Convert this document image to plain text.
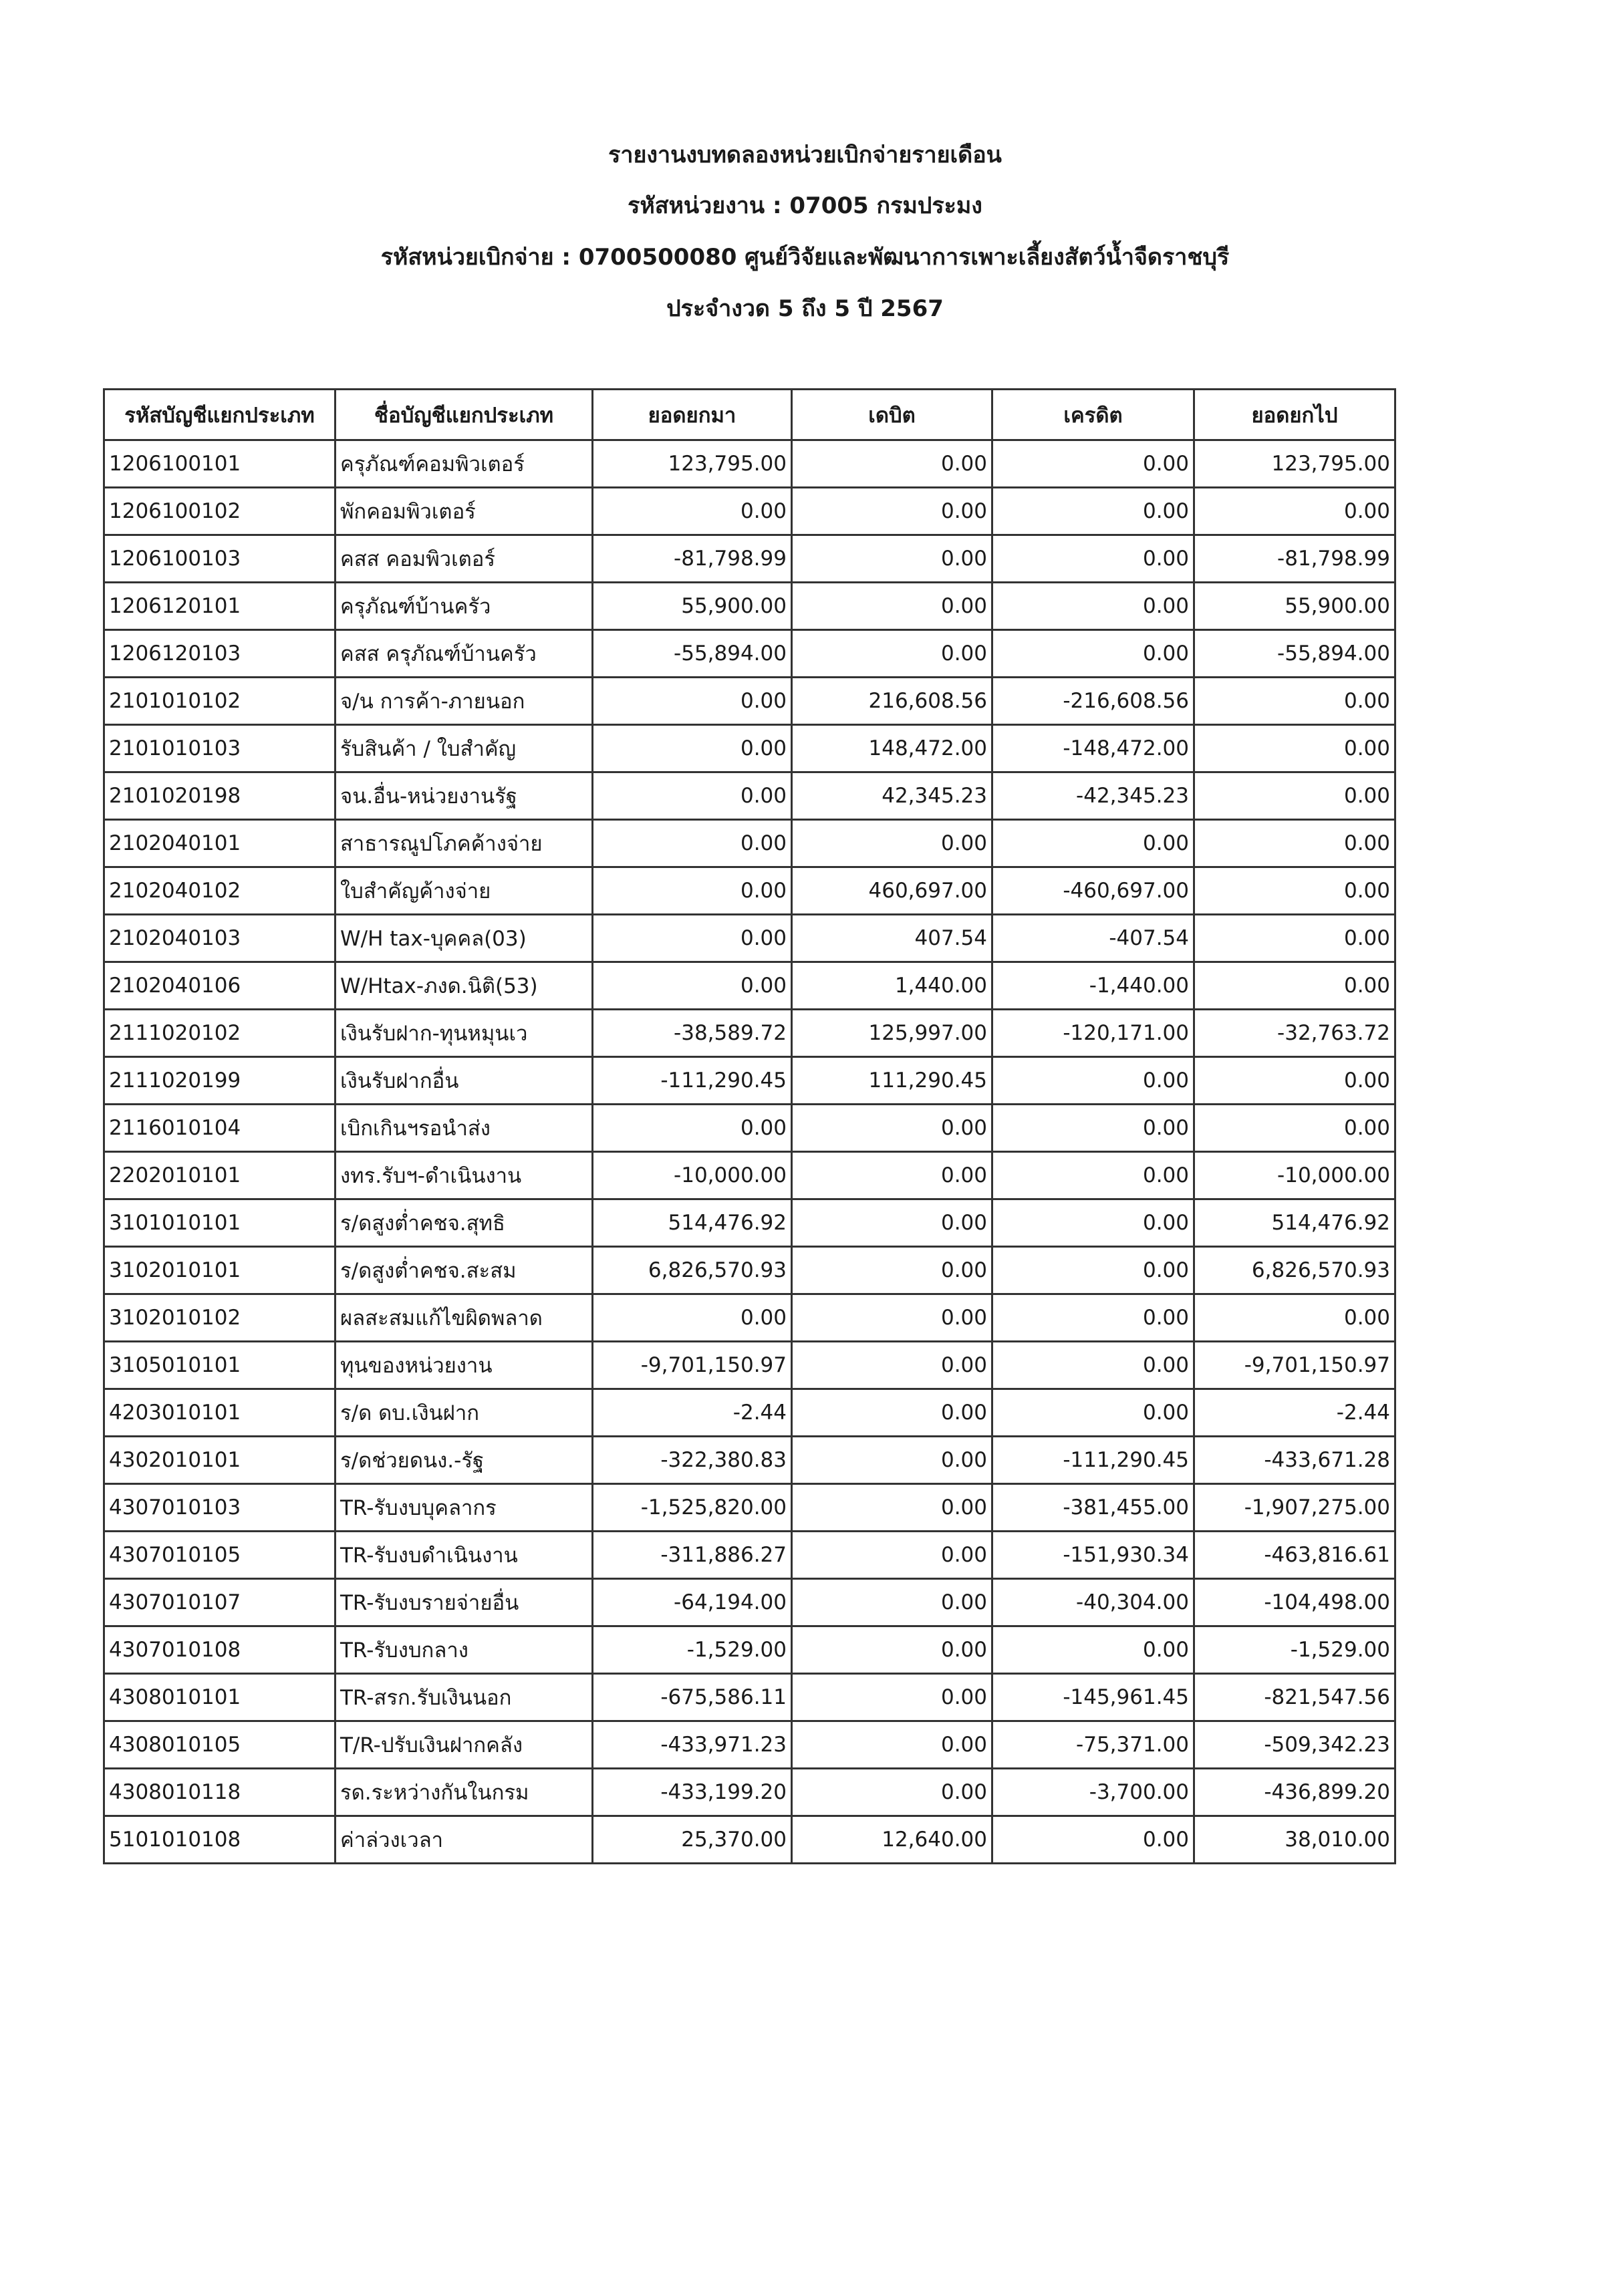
รายงานงบทดลองหน่วยเบิกจ่ายรายเดือน
รหัสหน่วยงาน : 07005 กรมประมง
รหัสหน่วยเบิกจ่าย : 0700500080 ศูนย์วิจัยและพัฒนาการเพาะเลี้ยงสัตว์น้ำจืดราชบุรี
ประจำงวด 5 ถึง 5 ปี 2567
รหัสบัญชีแยกประเภท	ชื่อบัญชีแยกประเภท	ยอดยกมา	เดบิต	เครดิต	ยอดยกไป
1206100101	ครุภัณฑ์คอมพิวเตอร์	123,795.00	0.00	0.00	123,795.00
1206100102	พักคอมพิวเตอร์	0.00	0.00	0.00	0.00
1206100103	คสส คอมพิวเตอร์	-81,798.99	0.00	0.00	-81,798.99
1206120101	ครุภัณฑ์บ้านครัว	55,900.00	0.00	0.00	55,900.00
1206120103	คสส ครุภัณฑ์บ้านครัว	-55,894.00	0.00	0.00	-55,894.00
2101010102	จ/น การค้า-ภายนอก	0.00	216,608.56	-216,608.56	0.00
2101010103	รับสินค้า / ใบสำคัญ	0.00	148,472.00	-148,472.00	0.00
2101020198	จน.อื่น-หน่วยงานรัฐ	0.00	42,345.23	-42,345.23	0.00
2102040101	สาธารณูปโภคค้างจ่าย	0.00	0.00	0.00	0.00
2102040102	ใบสำคัญค้างจ่าย	0.00	460,697.00	-460,697.00	0.00
2102040103	W/H tax-บุคคล(03)	0.00	407.54	-407.54	0.00
2102040106	W/Htax-ภงด.นิติ(53)	0.00	1,440.00	-1,440.00	0.00
2111020102	เงินรับฝาก-ทุนหมุนเว	-38,589.72	125,997.00	-120,171.00	-32,763.72
2111020199	เงินรับฝากอื่น	-111,290.45	111,290.45	0.00	0.00
2116010104	เบิกเกินฯรอนำส่ง	0.00	0.00	0.00	0.00
2202010101	งทร.รับฯ-ดำเนินงาน	-10,000.00	0.00	0.00	-10,000.00
3101010101	ร/ดสูงต่ำคชจ.สุทธิ	514,476.92	0.00	0.00	514,476.92
3102010101	ร/ดสูงต่ำคชจ.สะสม	6,826,570.93	0.00	0.00	6,826,570.93
3102010102	ผลสะสมแก้ไขผิดพลาด	0.00	0.00	0.00	0.00
3105010101	ทุนของหน่วยงาน	-9,701,150.97	0.00	0.00	-9,701,150.97
4203010101	ร/ด ดบ.เงินฝาก	-2.44	0.00	0.00	-2.44
4302010101	ร/ดช่วยดนง.-รัฐ	-322,380.83	0.00	-111,290.45	-433,671.28
4307010103	TR-รับงบบุคลากร	-1,525,820.00	0.00	-381,455.00	-1,907,275.00
4307010105	TR-รับงบดำเนินงาน	-311,886.27	0.00	-151,930.34	-463,816.61
4307010107	TR-รับงบรายจ่ายอื่น	-64,194.00	0.00	-40,304.00	-104,498.00
4307010108	TR-รับงบกลาง	-1,529.00	0.00	0.00	-1,529.00
4308010101	TR-สรก.รับเงินนอก	-675,586.11	0.00	-145,961.45	-821,547.56
4308010105	T/R-ปรับเงินฝากคลัง	-433,971.23	0.00	-75,371.00	-509,342.23
4308010118	รด.ระหว่างกันในกรม	-433,199.20	0.00	-3,700.00	-436,899.20
5101010108	ค่าล่วงเวลา	25,370.00	12,640.00	0.00	38,010.00
